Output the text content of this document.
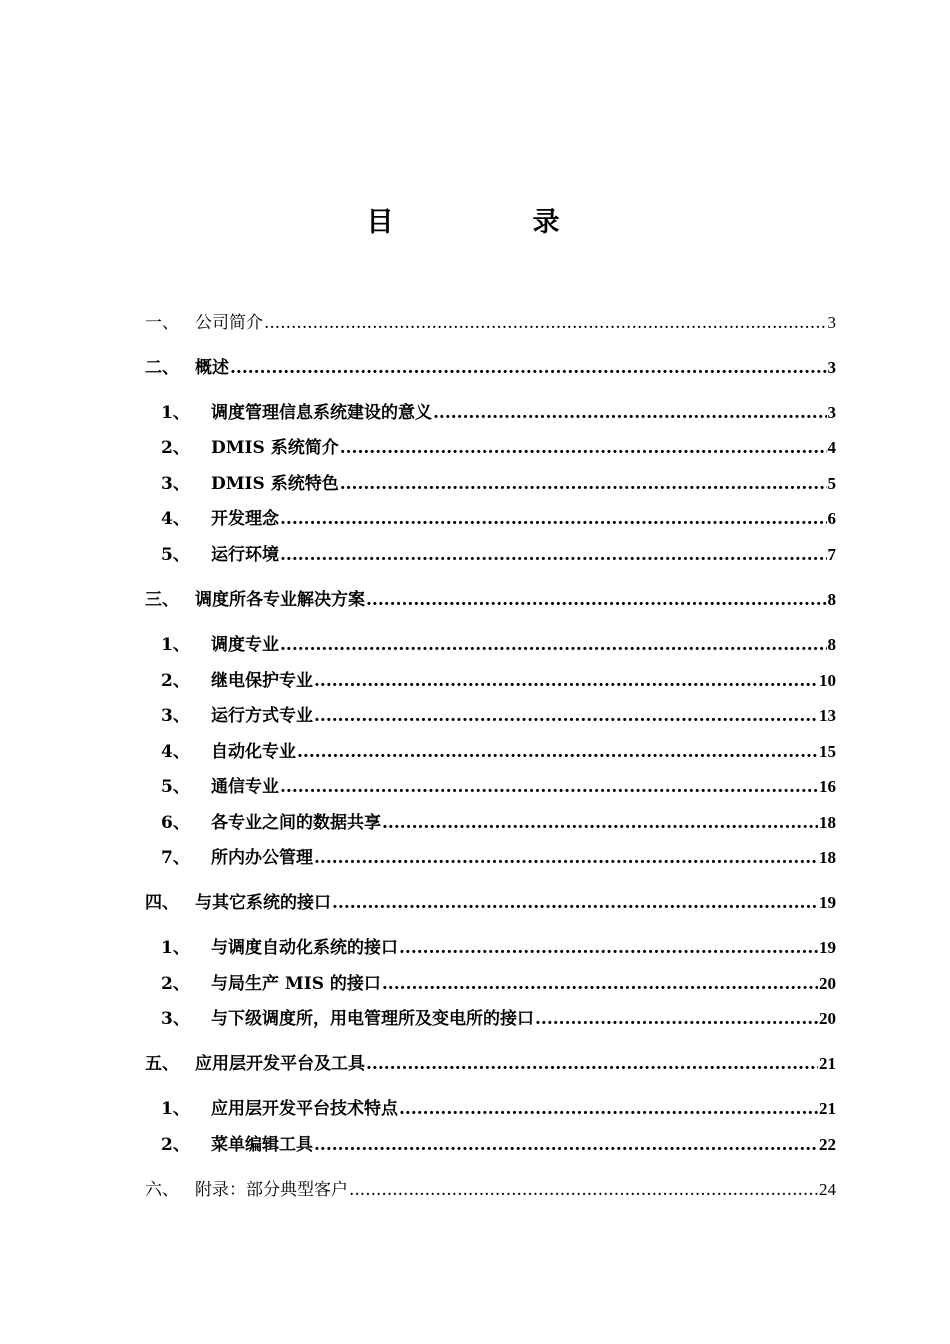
目　录
一、 公司简介 .....	3
二、 概述 .....	3
1、	调度管理信息系统建设的意义 .....	3
2、	DMIS 系统简介 .....	4
3、	DMIS 系统特色 .....	5
4、	开发理念 .....	6
5、	运行环境 .....	7
三、 调度所各专业解决方案 .....	8
1、	调度专业 .....	8
2、	继电保护专业 .....	10
3、	运行方式专业 .....	13
4、	自动化专业 .....	15
5、	通信专业 .....	16
6、	各专业之间的数据共享 .....	18
7、	所内办公管理 .....	18
四、 与其它系统的接口 .....	19
1、	与调度自动化系统的接口 .....	19
2、	与局生产 MIS 的接口 .....	20
3、	与下级调度所，用电管理所及变电所的接口 .....	20
五、 应用层开发平台及工具 .....	21
1、	应用层开发平台技术特点 .....	21
2、	菜单编辑工具 .....	22
六、 附录：部分典型客户 .....	24
